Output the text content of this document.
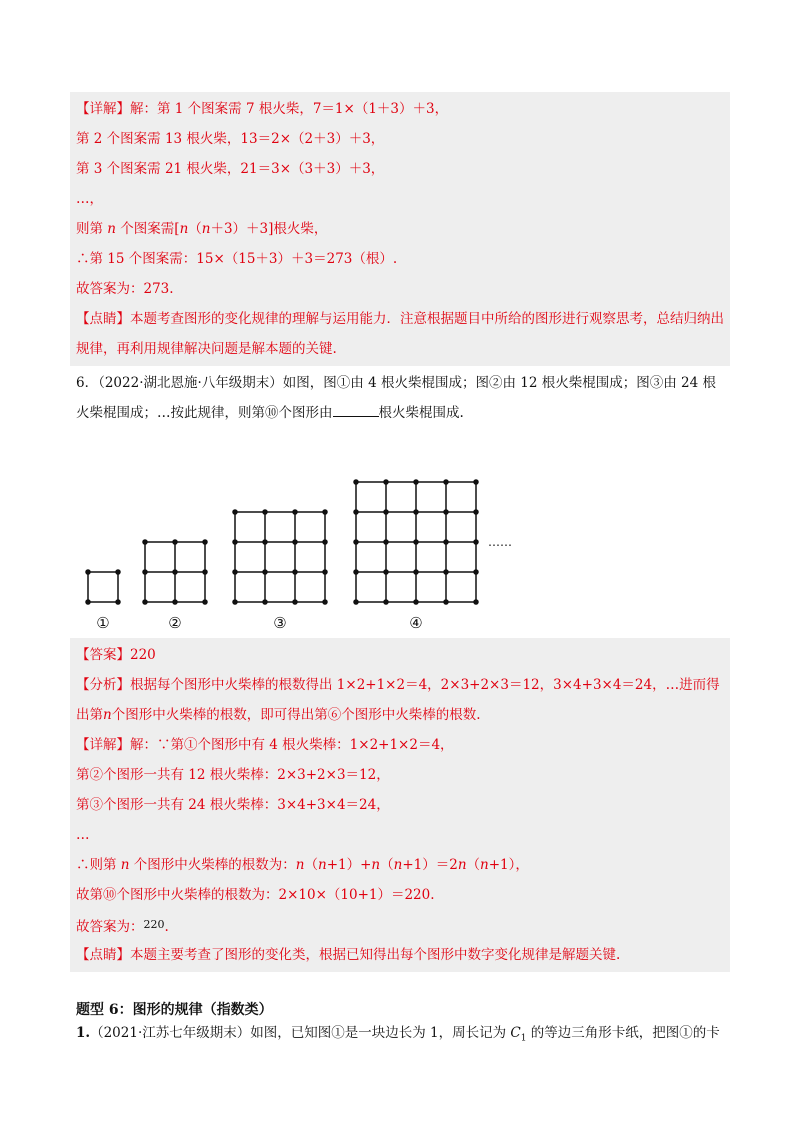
【详解】解：第 1 个图案需 7 根火柴，7＝1×（1＋3）＋3，
第 2 个图案需 13 根火柴，13＝2×（2＋3）＋3，
第 3 个图案需 21 根火柴，21＝3×（3＋3）＋3，
…，
则第 n 个图案需[n（n＋3）＋3]根火柴，
∴第 15 个图案需：15×（15＋3）＋3＝273（根）.
故答案为：273.
【点睛】本题考查图形的变化规律的理解与运用能力．注意根据题目中所给的图形进行观察思考，总结归纳出规律，再利用规律解决问题是解本题的关键.
6．（2022·湖北恩施·八年级期末）如图，图①由 4 根火柴棍围成；图②由 12 根火柴棍围成；图③由 24 根火柴棍围成；…按此规律，则第⑩个图形由	根火柴棍围成.
①	②	③	④
……
【答案】220
【分析】根据每个图形中火柴棒的根数得出 1×2+1×2＝4，2×3+2×3＝12，3×4+3×4＝24，…进而得出第n个图形中火柴棒的根数，即可得出第⑥个图形中火柴棒的根数.
【详解】解：∵第①个图形中有 4 根火柴棒：1×2+1×2＝4，
第②个图形一共有 12 根火柴棒：2×3+2×3＝12，
第③个图形一共有 24 根火柴棒：3×4+3×4＝24，
…
∴则第 n 个图形中火柴棒的根数为：n（n+1）+n（n+1）＝2n（n+1），
故第⑩个图形中火柴棒的根数为：2×10×（10+1）＝220.
故答案为：$^{220}$.
【点睛】本题主要考查了图形的变化类，根据已知得出每个图形中数字变化规律是解题关键.
题型 6：图形的规律（指数类）
1.（2021·江苏七年级期末）如图，已知图①是一块边长为 1，周长记为 $C_1$ 的等边三角形卡纸，把图①的卡
